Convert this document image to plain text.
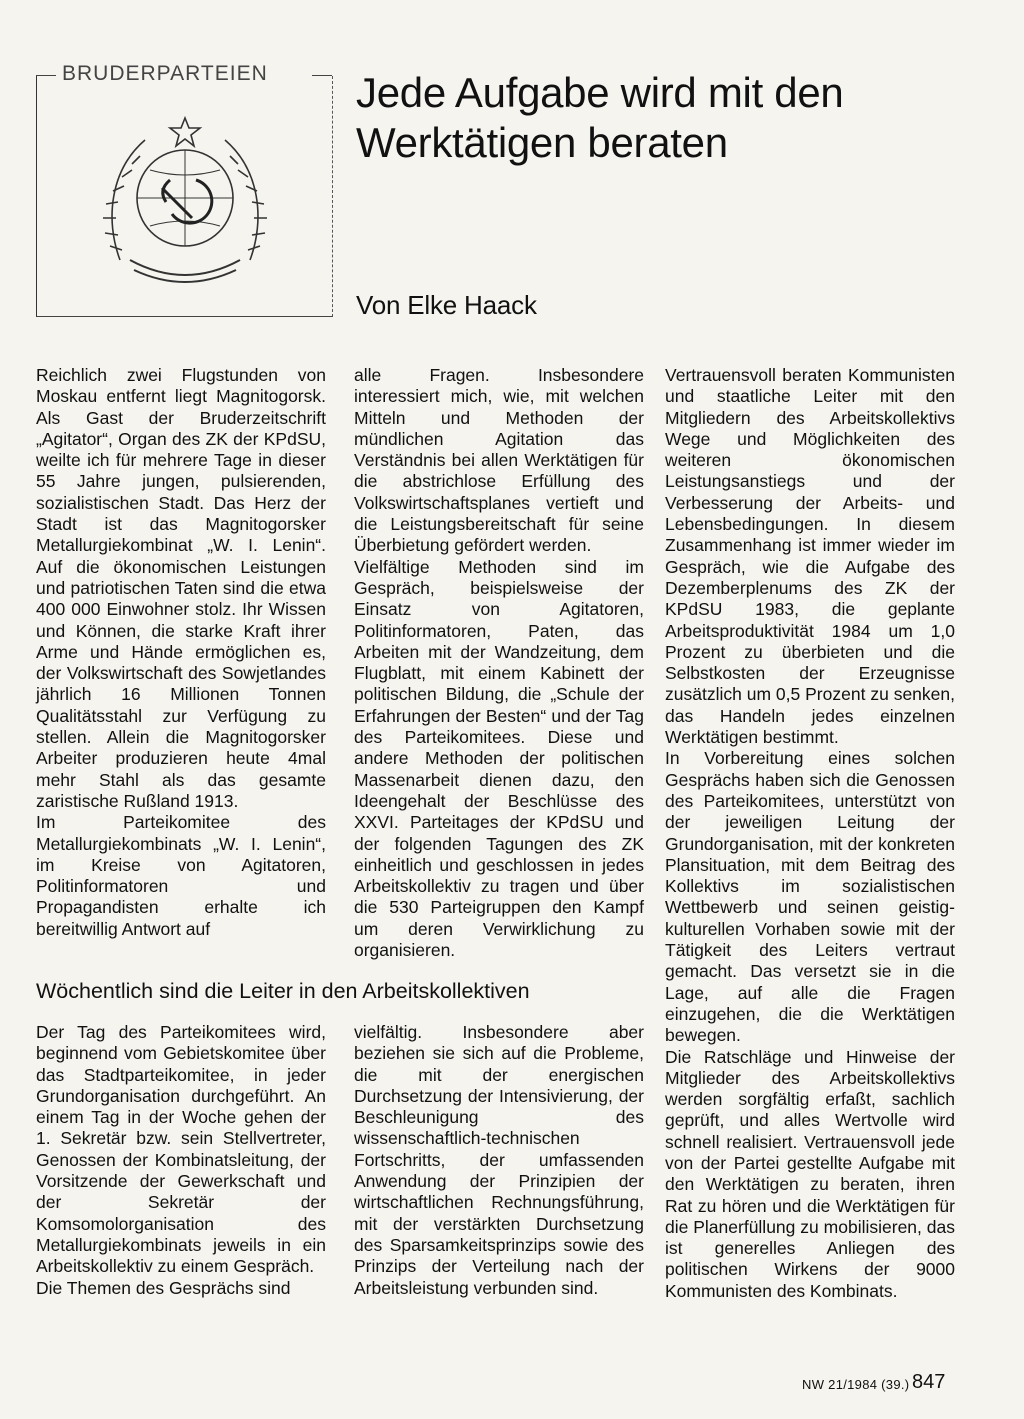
BRUDERPARTEIEN Jede Aufgabe wird mit den Werktätigen beraten
Von Elke Haack

Reichlich zwei Flugstunden von Moskau entfernt liegt Magnitogorsk. Als Gast der Bruderzeitschrift „Agitator“, Organ des ZK der KPdSU, weilte ich für mehrere Tage in dieser 55 Jahre jungen, pulsierenden, sozialistischen Stadt. Das Herz der Stadt ist das Magnitogorsker Metallurgiekombinat „W. I. Lenin“. Auf die ökonomischen Leistungen und patriotischen Taten sind die etwa 400 000 Einwohner stolz. Ihr Wissen und Können, die starke Kraft ihrer Arme und Hände ermöglichen es, der Volkswirtschaft des Sowjetlandes jährlich 16 Millionen Tonnen Qualitätsstahl zur Verfügung zu stellen. Allein die Magnitogorsker Arbeiter produzieren heute 4mal mehr Stahl als das gesamte zaristische Rußland 1913.

Im Parteikomitee des Metallurgiekombinats „W. I. Lenin“, im Kreise von Agitatoren, Politinformatoren und Propagandisten erhalte ich bereitwillig Antwort auf

alle Fragen. Insbesondere interessiert mich, wie, mit welchen Mitteln und Methoden der mündlichen Agitation das Verständnis bei allen Werktätigen für die abstrichlose Erfüllung des Volkswirtschaftsplanes vertieft und die Leistungsbereitschaft für seine Überbietung gefördert werden.

Vielfältige Methoden sind im Gespräch, beispielsweise der Einsatz von Agitatoren, Politinformatoren, Paten, das Arbeiten mit der Wandzeitung, dem Flugblatt, mit einem Kabinett der politischen Bildung, die „Schule der Erfahrungen der Besten“ und der Tag des Parteikomitees. Diese und andere Methoden der politischen Massenarbeit dienen dazu, den Ideengehalt der Beschlüsse des XXVI. Parteitages der KPdSU und der folgenden Tagungen des ZK einheitlich und geschlossen in jedes Arbeitskollektiv zu tragen und über die 530 Parteigruppen den Kampf um deren Verwirklichung zu organisieren.

Wöchentlich sind die Leiter in den Arbeitskollektiven

Der Tag des Parteikomitees wird, beginnend vom Gebietskomitee über das Stadtparteikomitee, in jeder Grundorganisation durchgeführt. An einem Tag in der Woche gehen der 1. Sekretär bzw. sein Stellvertreter, Genossen der Kombinatsleitung, der Vorsitzende der Gewerkschaft und der Sekretär der Komsomolorganisation des Metallurgiekombinats jeweils in ein Arbeitskollektiv zu einem Gespräch.

Die Themen des Gesprächs sind

vielfältig. Insbesondere aber beziehen sie sich auf die Probleme, die mit der energischen Durchsetzung der Intensivierung, der Beschleunigung des wissenschaftlich-technischen Fortschritts, der umfassenden Anwendung der Prinzipien der wirtschaftlichen Rechnungsführung, mit der verstärkten Durchsetzung des Sparsamkeitsprinzips sowie des Prinzips der Verteilung nach der Arbeitsleistung verbunden sind.

Vertrauensvoll beraten Kommunisten und staatliche Leiter mit den Mitgliedern des Arbeitskollektivs Wege und Möglichkeiten des weiteren ökonomischen Leistungsanstiegs und der Verbesserung der Arbeits- und Lebensbedingungen. In diesem Zusammenhang ist immer wieder im Gespräch, wie die Aufgabe des Dezemberplenums des ZK der KPdSU 1983, die geplante Arbeitsproduktivität 1984 um 1,0 Prozent zu überbieten und die Selbstkosten der Erzeugnisse zusätzlich um 0,5 Prozent zu senken, das Handeln jedes einzelnen Werktätigen bestimmt.

In Vorbereitung eines solchen Gesprächs haben sich die Genossen des Parteikomitees, unterstützt von der jeweiligen Leitung der Grundorganisation, mit der konkreten Plansituation, mit dem Beitrag des Kollektivs im sozialistischen Wettbewerb und seinen geistig-kulturellen Vorhaben sowie mit der Tätigkeit des Leiters vertraut gemacht. Das versetzt sie in die Lage, auf alle die Fragen einzugehen, die die Werktätigen bewegen.

Die Ratschläge und Hinweise der Mitglieder des Arbeitskollektivs werden sorgfältig erfaßt, sachlich geprüft, und alles Wertvolle wird schnell realisiert. Vertrauensvoll jede von der Partei gestellte Aufgabe mit den Werktätigen zu beraten, ihren Rat zu hören und die Werktätigen für die Planerfüllung zu mobilisieren, das ist generelles Anliegen des politischen Wirkens der 9000 Kommunisten des Kombinats.

NW 21/1984 (39.) 847
